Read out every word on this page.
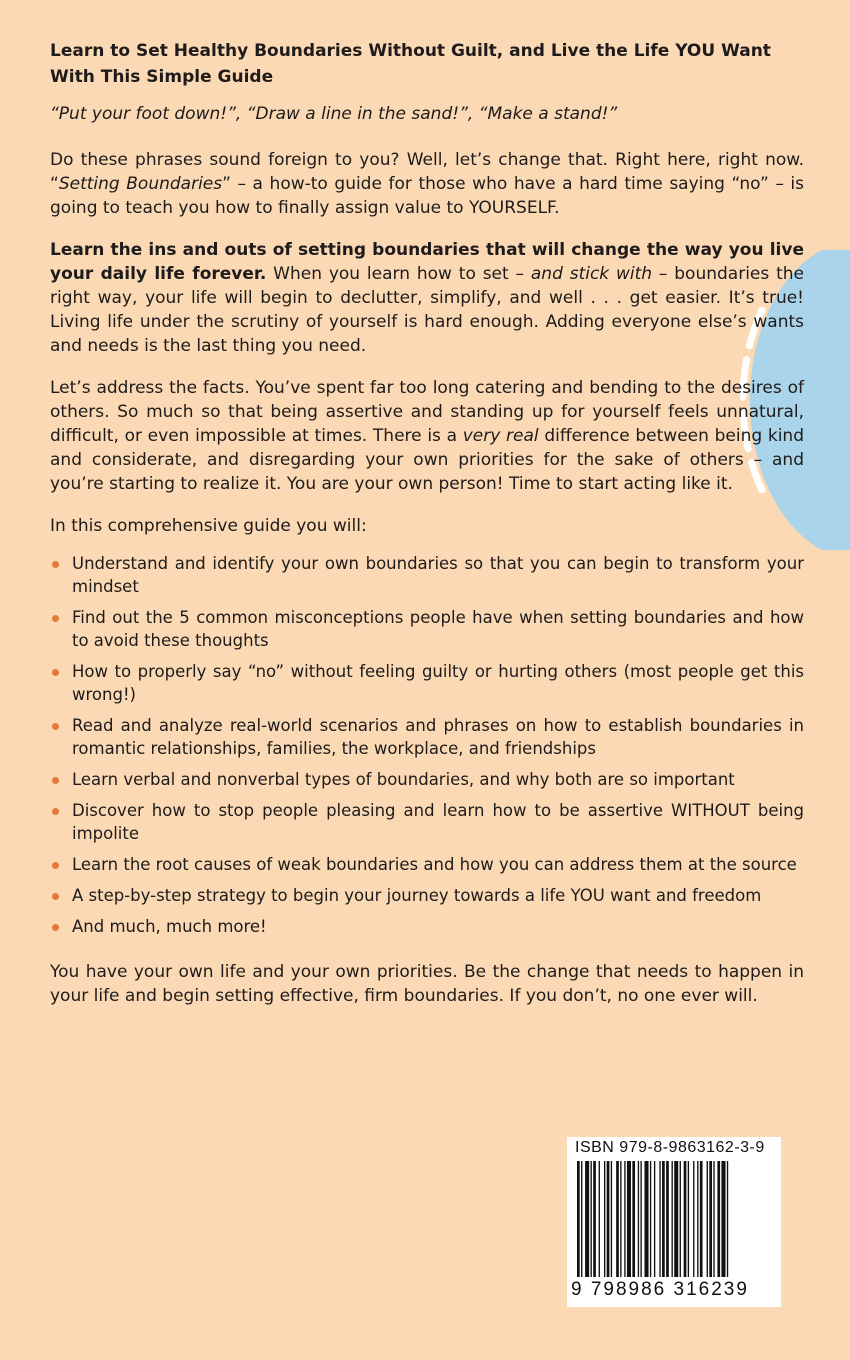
Learn to Set Healthy Boundaries Without Guilt, and Live the Life YOU Want With This Simple Guide

“Put your foot down!”, “Draw a line in the sand!”, “Make a stand!”

Do these phrases sound foreign to you? Well, let’s change that. Right here, right now. “Setting Boundaries” – a how-to guide for those who have a hard time saying “no” – is going to teach you how to finally assign value to YOURSELF.

Learn the ins and outs of setting boundaries that will change the way you live your daily life forever. When you learn how to set – and stick with – boundaries the right way, your life will begin to declutter, simplify, and well . . . get easier. It’s true! Living life under the scrutiny of yourself is hard enough. Adding everyone else’s wants and needs is the last thing you need.

Let’s address the facts. You’ve spent far too long catering and bending to the desires of others. So much so that being assertive and standing up for yourself feels unnatural, difficult, or even impossible at times. There is a very real difference between being kind and considerate, and disregarding your own priorities for the sake of others – and you’re starting to realize it. You are your own person! Time to start acting like it.

In this comprehensive guide you will:

Understand and identify your own boundaries so that you can begin to transform your mindset
Find out the 5 common misconceptions people have when setting boundaries and how to avoid these thoughts
How to properly say “no” without feeling guilty or hurting others (most people get this wrong!)
Read and analyze real-world scenarios and phrases on how to establish boundaries in romantic relationships, families, the workplace, and friendships
Learn verbal and nonverbal types of boundaries, and why both are so important
Discover how to stop people pleasing and learn how to be assertive WITHOUT being impolite
Learn the root causes of weak boundaries and how you can address them at the source
A step-by-step strategy to begin your journey towards a life YOU want and freedom
And much, much more!

You have your own life and your own priorities. Be the change that needs to happen in your life and begin setting effective, firm boundaries. If you don’t, no one ever will.

ISBN 979-8-9863162-3-9
9 798986 316239
